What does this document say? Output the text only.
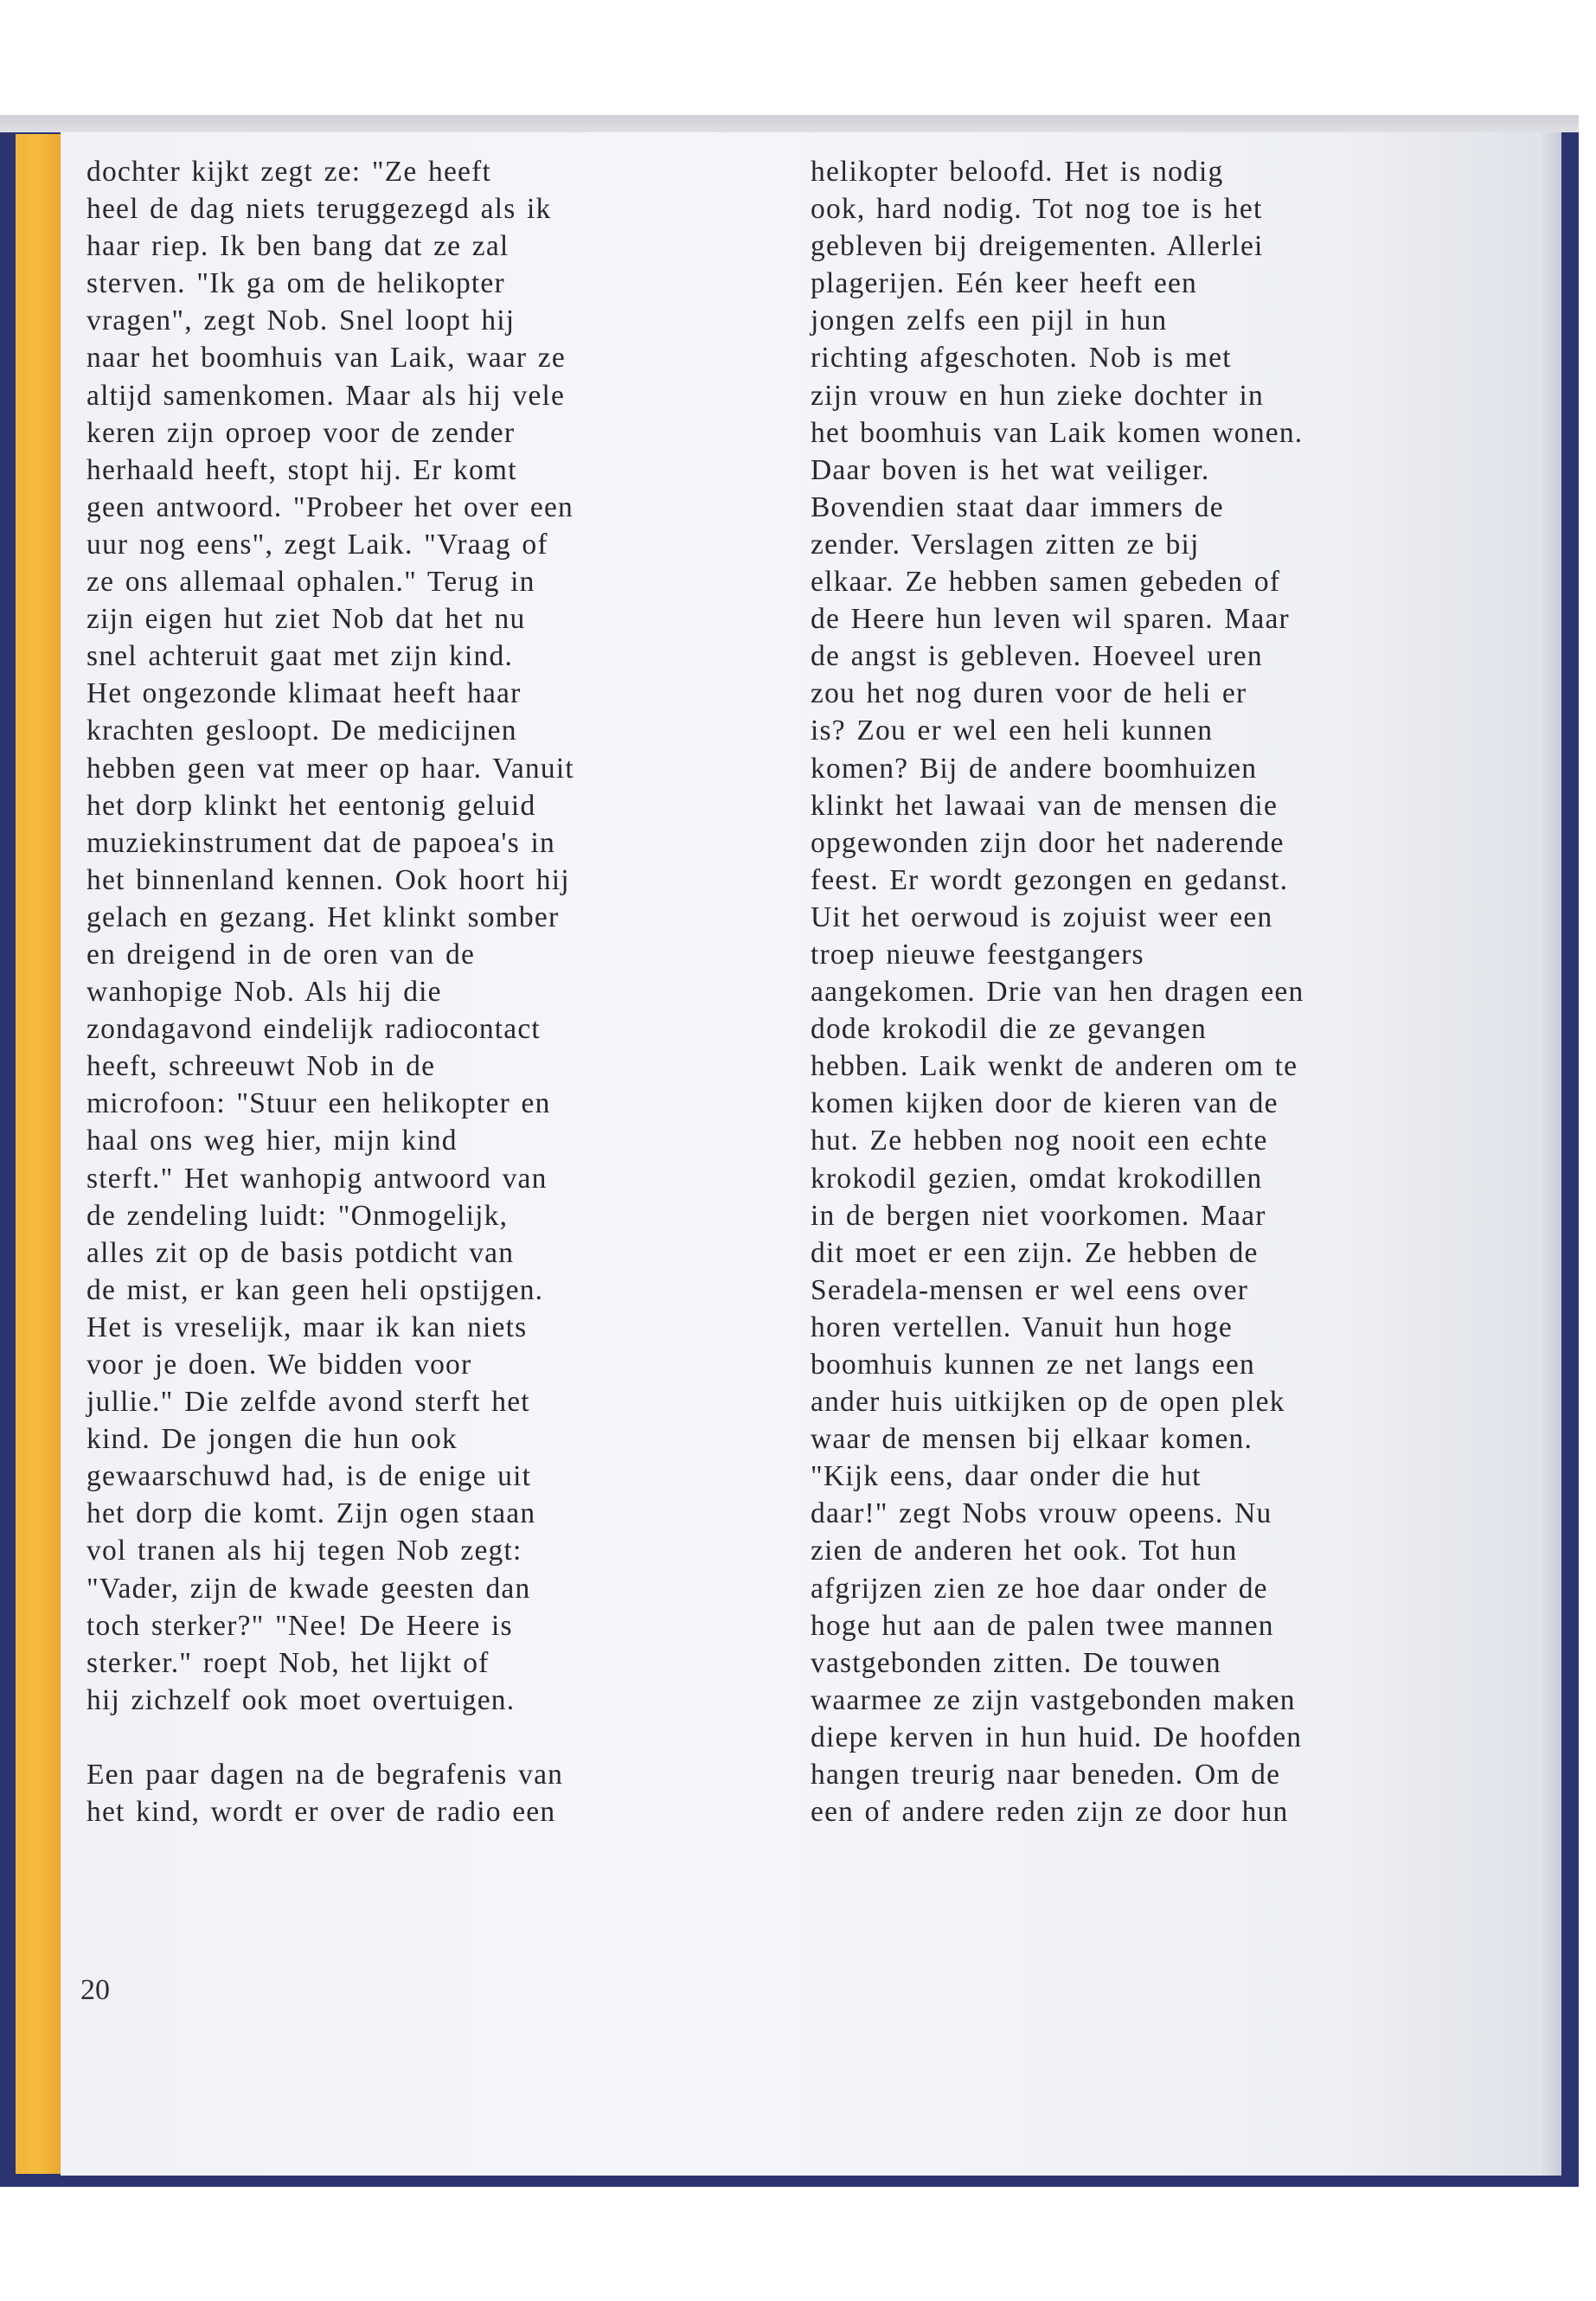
dochter kijkt zegt ze: "Ze heeft
heel de dag niets teruggezegd als ik
haar riep. Ik ben bang dat ze zal
sterven. "Ik ga om de helikopter
vragen", zegt Nob. Snel loopt hij
naar het boomhuis van Laik, waar ze
altijd samenkomen. Maar als hij vele
keren zijn oproep voor de zender
herhaald heeft, stopt hij. Er komt
geen antwoord. "Probeer het over een
uur nog eens", zegt Laik. "Vraag of
ze ons allemaal ophalen." Terug in
zijn eigen hut ziet Nob dat het nu
snel achteruit gaat met zijn kind.
Het ongezonde klimaat heeft haar
krachten gesloopt. De medicijnen
hebben geen vat meer op haar. Vanuit
het dorp klinkt het eentonig geluid
muziekinstrument dat de papoea's in
het binnenland kennen. Ook hoort hij
gelach en gezang. Het klinkt somber
en dreigend in de oren van de
wanhopige Nob. Als hij die
zondagavond eindelijk radiocontact
heeft, schreeuwt Nob in de
microfoon: "Stuur een helikopter en
haal ons weg hier, mijn kind
sterft." Het wanhopig antwoord van
de zendeling luidt: "Onmogelijk,
alles zit op de basis potdicht van
de mist, er kan geen heli opstijgen.
Het is vreselijk, maar ik kan niets
voor je doen. We bidden voor
jullie." Die zelfde avond sterft het
kind. De jongen die hun ook
gewaarschuwd had, is de enige uit
het dorp die komt. Zijn ogen staan
vol tranen als hij tegen Nob zegt:
"Vader, zijn de kwade geesten dan
toch sterker?" "Nee! De Heere is
sterker." roept Nob, het lijkt of
hij zichzelf ook moet overtuigen.
Een paar dagen na de begrafenis van
het kind, wordt er over de radio een
helikopter beloofd. Het is nodig
ook, hard nodig. Tot nog toe is het
gebleven bij dreigementen. Allerlei
plagerijen. Eén keer heeft een
jongen zelfs een pijl in hun
richting afgeschoten. Nob is met
zijn vrouw en hun zieke dochter in
het boomhuis van Laik komen wonen.
Daar boven is het wat veiliger.
Bovendien staat daar immers de
zender. Verslagen zitten ze bij
elkaar. Ze hebben samen gebeden of
de Heere hun leven wil sparen. Maar
de angst is gebleven. Hoeveel uren
zou het nog duren voor de heli er
is? Zou er wel een heli kunnen
komen? Bij de andere boomhuizen
klinkt het lawaai van de mensen die
opgewonden zijn door het naderende
feest. Er wordt gezongen en gedanst.
Uit het oerwoud is zojuist weer een
troep nieuwe feestgangers
aangekomen. Drie van hen dragen een
dode krokodil die ze gevangen
hebben. Laik wenkt de anderen om te
komen kijken door de kieren van de
hut. Ze hebben nog nooit een echte
krokodil gezien, omdat krokodillen
in de bergen niet voorkomen. Maar
dit moet er een zijn. Ze hebben de
Seradela-mensen er wel eens over
horen vertellen. Vanuit hun hoge
boomhuis kunnen ze net langs een
ander huis uitkijken op de open plek
waar de mensen bij elkaar komen.
"Kijk eens, daar onder die hut
daar!" zegt Nobs vrouw opeens. Nu
zien de anderen het ook. Tot hun
afgrijzen zien ze hoe daar onder de
hoge hut aan de palen twee mannen
vastgebonden zitten. De touwen
waarmee ze zijn vastgebonden maken
diepe kerven in hun huid. De hoofden
hangen treurig naar beneden. Om de
een of andere reden zijn ze door hun
20
